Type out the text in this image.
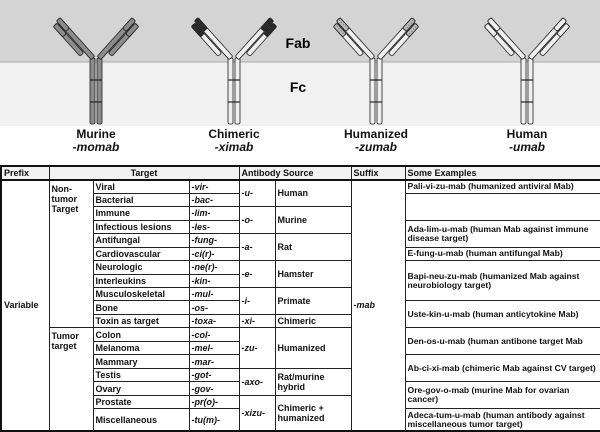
Fab
Fc
Murine
-momab
Chimeric
-ximab
Humanized
-zumab
Human
-umab
Prefix	Target			Antibody Source		Suffix	Some Examples
Variable	Non-tumor Target	Viral	-vir-	-u-	Human	-mab	Pali-vi-zu-mab (humanized antiviral Mab)
		Bacterial	-bac-				
		Immune	-lim-	-o-	Murine		
		Infectious lesions	-les-				Ada-lim-u-mab (human Mab against immune disease target)
		Antifungal	-fung-	-a-	Rat		
		Cardiovascular	-ci(r)-				E-fung-u-mab (human antifungal Mab)
		Neurologic	-ne(r)-	-e-	Hamster		Bapi-neu-zu-mab (humanized Mab against neurobiology target)
		Interleukins	-kin-				
		Musculoskeletal	-mul-	-i-	Primate		
		Bone	-os-				Uste-kin-u-mab (human anticytokine Mab)
		Toxin as target	-toxa-	-xi-	Chimeric		
	Tumor target	Colon	-col-	-zu-	Humanized		Den-os-u-mab (human antibone target Mab
		Melanoma	-mel-				
		Mammary	-mar-				Ab-ci-xi-mab (chimeric Mab against CV target)
		Testis	-got-	-axo-	Rat/murine hybrid		
		Ovary	-gov-				Ore-gov-o-mab (murine Mab for ovarian cancer)
		Prostate	-pr(o)-	-xizu-	Chimeric + humanized		
		Miscellaneous	-tu(m)-				Adeca-tum-u-mab (human antibody against miscellaneous tumor target)
